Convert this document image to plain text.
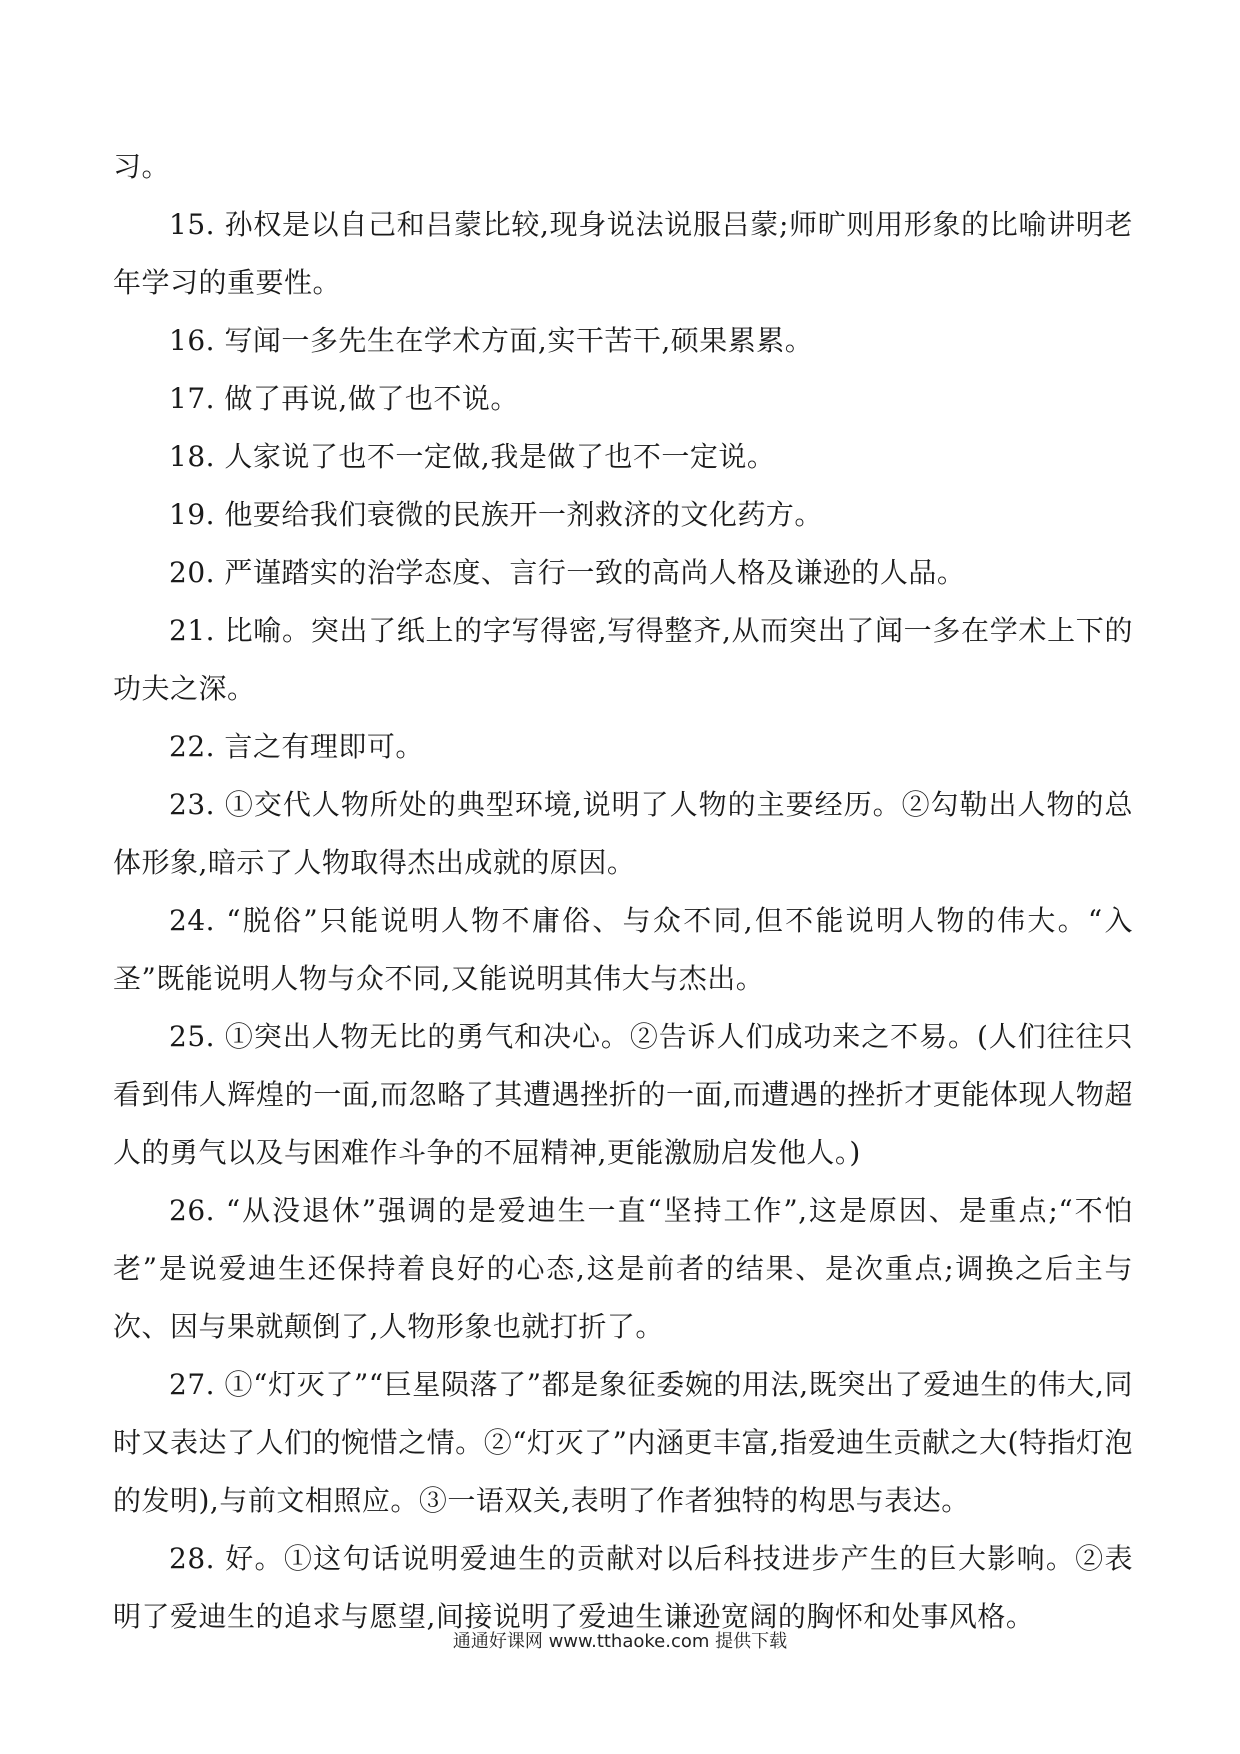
习。

15. 孙权是以自己和吕蒙比较,现身说法说服吕蒙;师旷则用形象的比喻讲明老年学习的重要性。

16. 写闻一多先生在学术方面,实干苦干,硕果累累。

17. 做了再说,做了也不说。

18. 人家说了也不一定做,我是做了也不一定说。

19. 他要给我们衰微的民族开一剂救济的文化药方。

20. 严谨踏实的治学态度、言行一致的高尚人格及谦逊的人品。

21. 比喻。突出了纸上的字写得密,写得整齐,从而突出了闻一多在学术上下的功夫之深。

22. 言之有理即可。

23. ①交代人物所处的典型环境,说明了人物的主要经历。②勾勒出人物的总体形象,暗示了人物取得杰出成就的原因。

24. “脱俗”只能说明人物不庸俗、与众不同,但不能说明人物的伟大。“入圣”既能说明人物与众不同,又能说明其伟大与杰出。

25. ①突出人物无比的勇气和决心。②告诉人们成功来之不易。(人们往往只看到伟人辉煌的一面,而忽略了其遭遇挫折的一面,而遭遇的挫折才更能体现人物超人的勇气以及与困难作斗争的不屈精神,更能激励启发他人。)

26. “从没退休”强调的是爱迪生一直“坚持工作”,这是原因、是重点;“不怕老”是说爱迪生还保持着良好的心态,这是前者的结果、是次重点;调换之后主与次、因与果就颠倒了,人物形象也就打折了。

27. ①“灯灭了”“巨星陨落了”都是象征委婉的用法,既突出了爱迪生的伟大,同时又表达了人们的惋惜之情。②“灯灭了”内涵更丰富,指爱迪生贡献之大(特指灯泡的发明),与前文相照应。③一语双关,表明了作者独特的构思与表达。

28. 好。①这句话说明爱迪生的贡献对以后科技进步产生的巨大影响。②表明了爱迪生的追求与愿望,间接说明了爱迪生谦逊宽阔的胸怀和处事风格。

通通好课网 www.tthaoke.com 提供下载
